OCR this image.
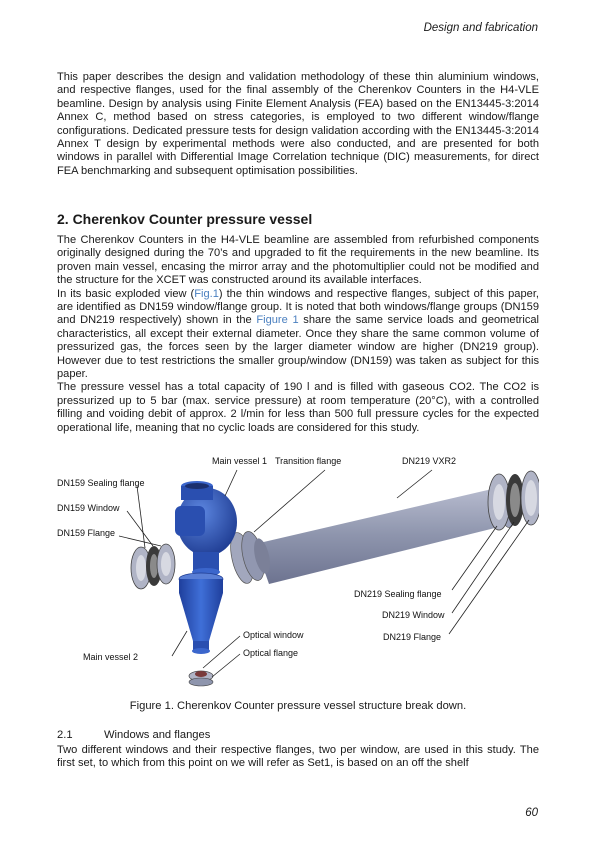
Design and fabrication

This paper describes the design and validation methodology of these thin aluminium windows, and respective flanges, used for the final assembly of the Cherenkov Counters in the H4-VLE beamline. Design by analysis using Finite Element Analysis (FEA) based on the EN13445-3:2014 Annex C, method based on stress categories, is employed to two different window/flange configurations. Dedicated pressure tests for design validation according with the EN13445-3:2014 Annex T design by experimental methods were also conducted, and are presented for both windows in parallel with Differential Image Correlation technique (DIC) measurements, for direct FEA benchmarking and subsequent optimisation possibilities.

2. Cherenkov Counter pressure vessel

The Cherenkov Counters in the H4-VLE beamline are assembled from refurbished components originally designed during the 70’s and upgraded to fit the requirements in the new beamline. Its proven main vessel, encasing the mirror array and the photomultiplier could not be modified and the structure for the XCET was constructed around its available interfaces.

In its basic exploded view (Fig.1) the thin windows and respective flanges, subject of this paper, are identified as DN159 window/flange group. It is noted that both windows/flange groups (DN159 and DN219 respectively) shown in the Figure 1 share the same service loads and geometrical characteristics, all except their external diameter. Once they share the same common volume of pressurized gas, the forces seen by the larger diameter window are higher (DN219 group). However due to test restrictions the smaller group/window (DN159) was taken as subject for this paper.

The pressure vessel has a total capacity of 190 l and is filled with gaseous CO2. The CO2 is pressurized up to 5 bar (max. service pressure) at room temperature (20°C), with a controlled filling and voiding debit of approx. 2 l/min for less than 500 full pressure cycles for the expected operational life, meaning that no cyclic loads are considered for this study.

Main vessel 1 Transition flange	DN219 VXR2
DN159 Sealing flange
DN159 Window
DN159 Flange
DN219 Sealing flange
DN219 Window
DN219 Flange
Optical window
Optical flange
Main vessel 2
Figure 1. Cherenkov Counter pressure vessel structure break down.
2.1	Windows and flanges

Two different windows and their respective flanges, two per window, are used in this study. The first set, to which from this point on we will refer as Set1, is based on an off the shelf

60
